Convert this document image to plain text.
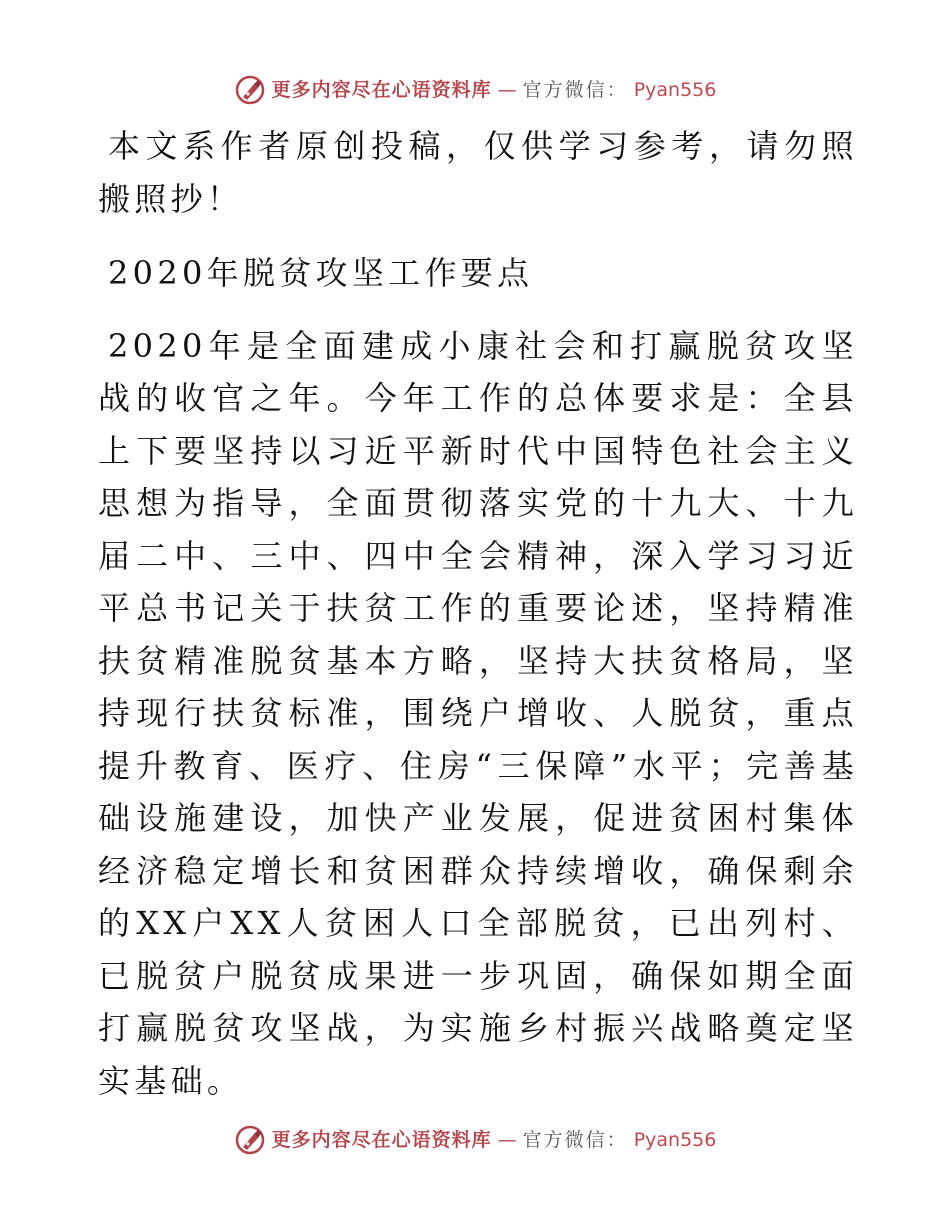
更多内容尽在心语资料库 — 官方微信： Pyan556

本文系作者原创投稿，仅供学习参考，请勿照搬照抄！

2020年脱贫攻坚工作要点

2020年是全面建成小康社会和打赢脱贫攻坚战的收官之年。今年工作的总体要求是：全县上下要坚持以习近平新时代中国特色社会主义思想为指导，全面贯彻落实党的十九大、十九届二中、三中、四中全会精神，深入学习习近平总书记关于扶贫工作的重要论述，坚持精准扶贫精准脱贫基本方略，坚持大扶贫格局，坚持现行扶贫标准，围绕户增收、人脱贫，重点提升教育、医疗、住房“三保障”水平；完善基础设施建设，加快产业发展，促进贫困村集体经济稳定增长和贫困群众持续增收，确保剩余的XX户XX人贫困人口全部脱贫，已出列村、已脱贫户脱贫成果进一步巩固，确保如期全面打赢脱贫攻坚战，为实施乡村振兴战略奠定坚实基础。

更多内容尽在心语资料库 — 官方微信： Pyan556
